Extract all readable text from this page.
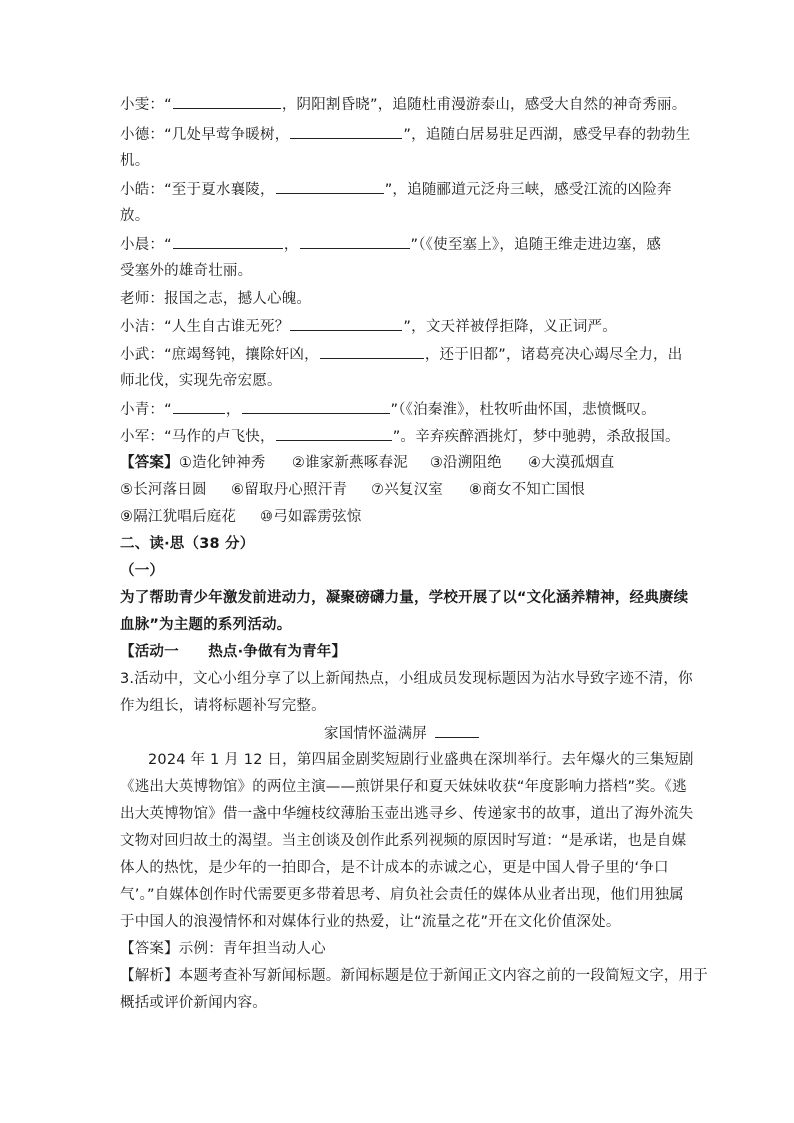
小雯：“	，阴阳割昏晓”，追随杜甫漫游泰山，感受大自然的神奇秀丽。
小德：“几处早莺争暖树，	”，追随白居易驻足西湖，感受早春的勃勃生
机。
小皓：“至于夏水襄陵，	”，追随郦道元泛舟三峡，感受江流的凶险奔
放。
小晨：“	，	”（《使至塞上》，追随王维走进边塞，感
受塞外的雄奇壮丽。
老师：报国之志，撼人心魄。
小洁：“人生自古谁无死？	”，文天祥被俘拒降，义正词严。
小武：“庶竭驽钝，攘除奸凶，	，还于旧都”，诸葛亮决心竭尽全力，出
师北伐，实现先帝宏愿。
小青：“	，	”（《泊秦淮》，杜牧听曲怀国，悲愤慨叹。
小军：“马作的卢飞快，	”。辛弃疾醉酒挑灯，梦中驰骋，杀敌报国。
【答案】①造化钟神秀 ②谁家新燕啄春泥 ③沿溯阻绝 ④大漠孤烟直
⑤长河落日圆 ⑥留取丹心照汗青 ⑦兴复汉室 ⑧商女不知亡国恨
⑨隔江犹唱后庭花 ⑩弓如霹雳弦惊
二、读·思（38 分）
（一）
为了帮助青少年激发前进动力，凝聚磅礴力量，学校开展了以“文化涵养精神，经典赓续
血脉”为主题的系列活动。
【活动一　　热点·争做有为青年】
3.活动中，文心小组分享了以上新闻热点，小组成员发现标题因为沾水导致字迹不清，你
作为组长，请将标题补写完整。
家国情怀溢满屏
2024 年 1 月 12 日，第四届金剧奖短剧行业盛典在深圳举行。去年爆火的三集短剧
《逃出大英博物馆》的两位主演——煎饼果仔和夏天妹妹收获“年度影响力搭档”奖。《逃
出大英博物馆》借一盏中华缠枝纹薄胎玉壶出逃寻乡、传递家书的故事，道出了海外流失
文物对回归故土的渴望。当主创谈及创作此系列视频的原因时写道：“是承诺，也是自媒
体人的热忱，是少年的一拍即合，是不计成本的赤诚之心，更是中国人骨子里的‘争口
气’。”自媒体创作时代需要更多带着思考、肩负社会责任的媒体从业者出现，他们用独属
于中国人的浪漫情怀和对媒体行业的热爱，让“流量之花”开在文化价值深处。
【答案】示例：青年担当动人心
【解析】本题考查补写新闻标题。新闻标题是位于新闻正文内容之前的一段简短文字，用于
概括或评价新闻内容。
